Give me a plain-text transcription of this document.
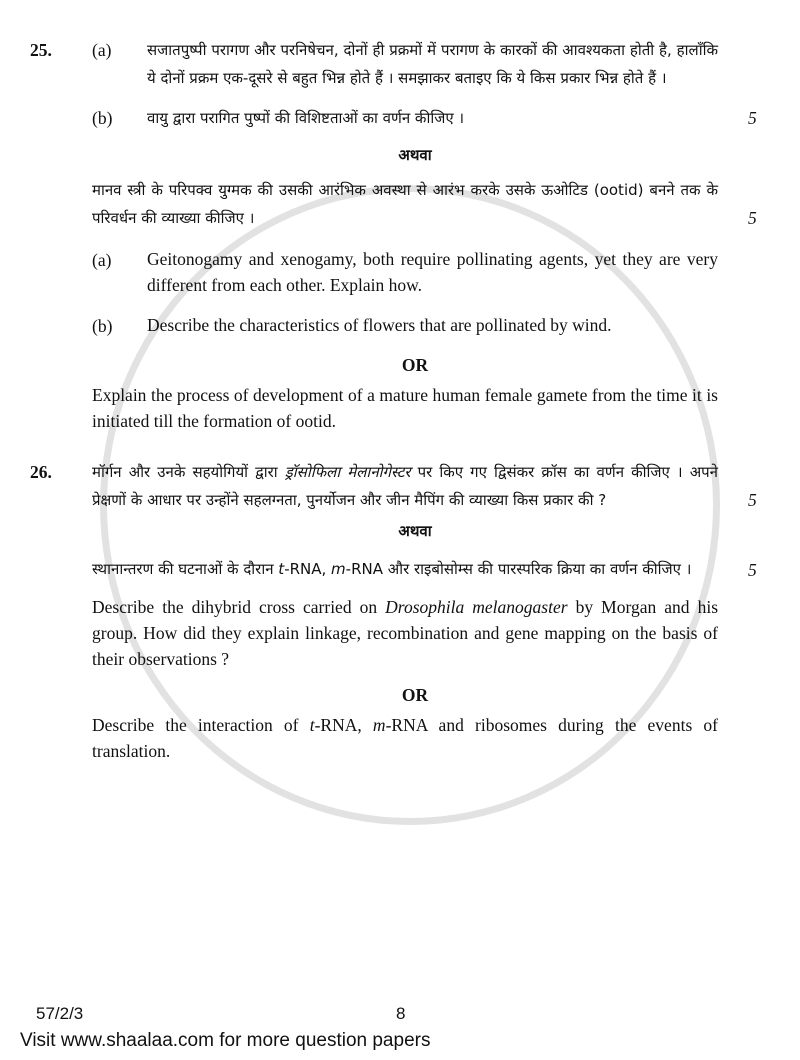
25.	(a)	सजातपुष्पी परागण और परनिषेचन, दोनों ही प्रक्रमों में परागण के कारकों की आवश्यकता होती है, हालाँकि ये दोनों प्रक्रम एक-दूसरे से बहुत भिन्न होते हैं । समझाकर बताइए कि ये किस प्रकार भिन्न होते हैं ।
(b)	वायु द्वारा परागित पुष्पों की विशिष्टताओं का वर्णन कीजिए ।	5
अथवा
मानव स्त्री के परिपक्व युग्मक की उसकी आरंभिक अवस्था से आरंभ करके उसके ऊओटिड (ootid) बनने तक के परिवर्धन की व्याख्या कीजिए ।	5
(a)	Geitonogamy and xenogamy, both require pollinating agents, yet they are very different from each other. Explain how.
(b)	Describe the characteristics of flowers that are pollinated by wind.
OR
Explain the process of development of a mature human female gamete from the time it is initiated till the formation of ootid.
26.	मॉर्गन और उनके सहयोगियों द्वारा ड्रॉसोफिला मेलानोगेस्टर पर किए गए द्विसंकर क्रॉस का वर्णन कीजिए । अपने प्रेक्षणों के आधार पर उन्होंने सहलग्नता, पुनर्योजन और जीन मैपिंग की व्याख्या किस प्रकार की ?	5
अथवा
स्थानान्तरण की घटनाओं के दौरान t-RNA, m-RNA और राइबोसोम्स की पारस्परिक क्रिया का वर्णन कीजिए ।	5
Describe the dihybrid cross carried on Drosophila melanogaster by Morgan and his group. How did they explain linkage, recombination and gene mapping on the basis of their observations ?
OR
Describe the interaction of t-RNA, m-RNA and ribosomes during the events of translation.
57/2/3	8
Visit www.shaalaa.com for more question papers
